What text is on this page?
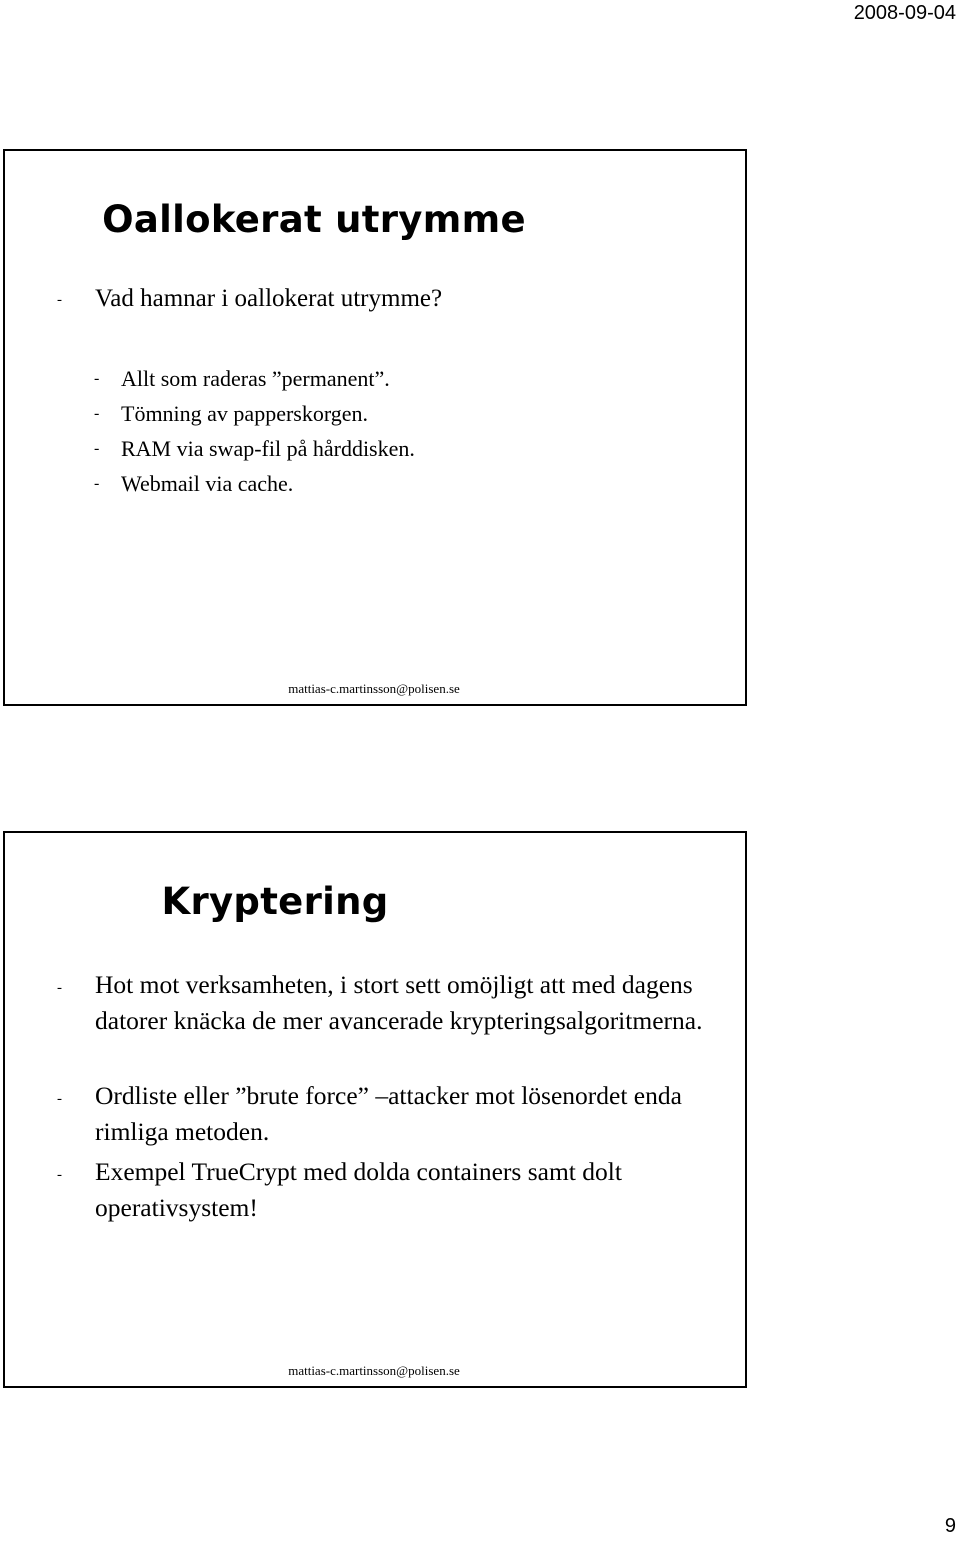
2008-09-04
Oallokerat utrymme
- Vad hamnar i oallokerat utrymme?
- Allt som raderas ”permanent”.
- Tömning av papperskorgen.
- RAM via swap-fil på hårddisken.
- Webmail via cache.
mattias-c.martinsson@polisen.se
Kryptering
- Hot mot verksamheten, i stort sett omöjligt att med dagens datorer knäcka de mer avancerade krypteringsalgoritmerna.
- Ordliste eller ”brute force” –attacker mot lösenordet enda rimliga metoden.
- Exempel TrueCrypt med dolda containers samt dolt operativsystem!
mattias-c.martinsson@polisen.se
9
